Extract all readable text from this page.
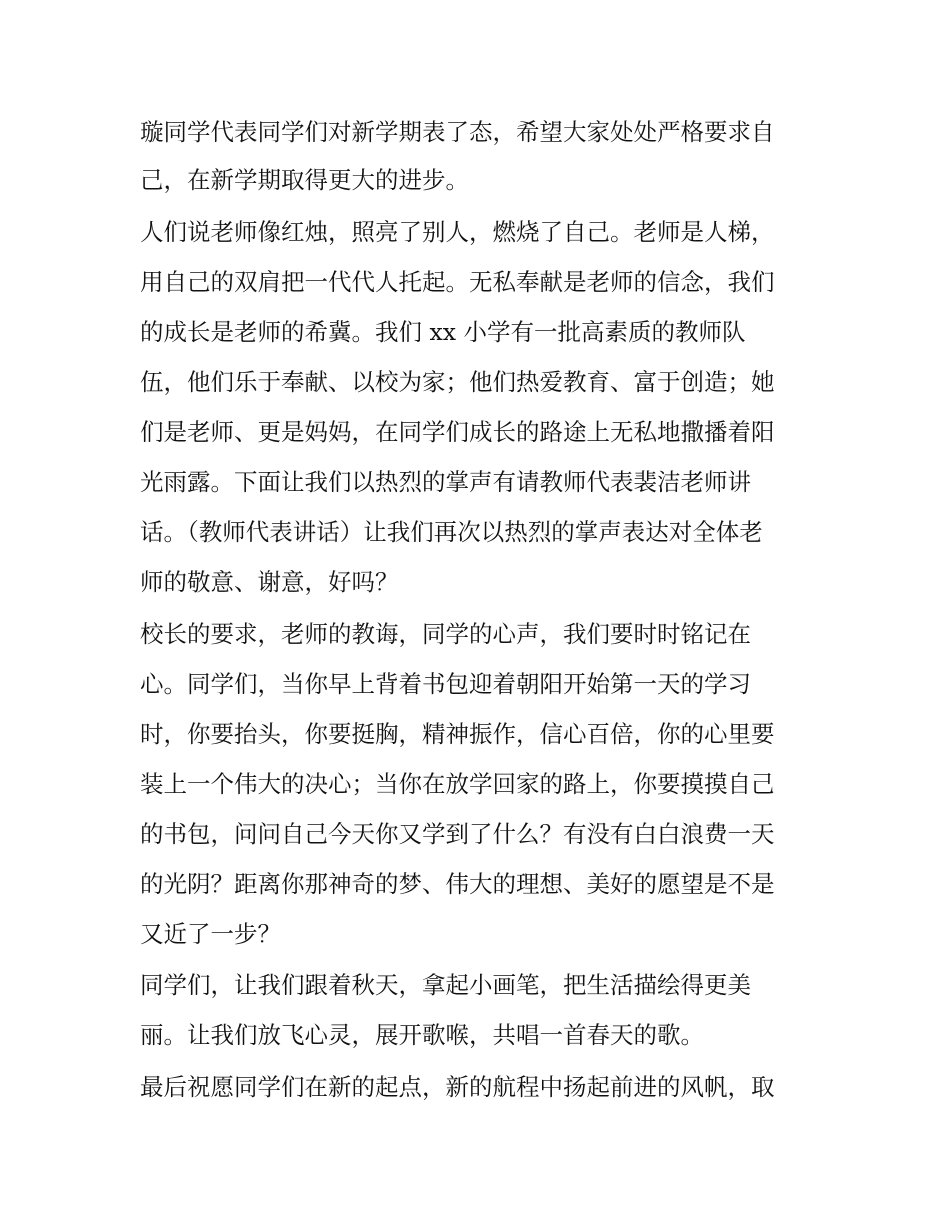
璇同学代表同学们对新学期表了态，希望大家处处严格要求自
己，在新学期取得更大的进步。
人们说老师像红烛，照亮了别人，燃烧了自己。老师是人梯，
用自己的双肩把一代代人托起。无私奉献是老师的信念，我们
的成长是老师的希冀。我们 xx 小学有一批高素质的教师队
伍，他们乐于奉献、以校为家；他们热爱教育、富于创造；她
们是老师、更是妈妈，在同学们成长的路途上无私地撒播着阳
光雨露。下面让我们以热烈的掌声有请教师代表裴洁老师讲
话。（教师代表讲话）让我们再次以热烈的掌声表达对全体老
师的敬意、谢意，好吗？
校长的要求，老师的教诲，同学的心声，我们要时时铭记在
心。同学们，当你早上背着书包迎着朝阳开始第一天的学习
时，你要抬头，你要挺胸，精神振作，信心百倍，你的心里要
装上一个伟大的决心；当你在放学回家的路上，你要摸摸自己
的书包，问问自己今天你又学到了什么？有没有白白浪费一天
的光阴？距离你那神奇的梦、伟大的理想、美好的愿望是不是
又近了一步？
同学们，让我们跟着秋天，拿起小画笔，把生活描绘得更美
丽。让我们放飞心灵，展开歌喉，共唱一首春天的歌。
最后祝愿同学们在新的起点，新的航程中扬起前进的风帆，取
